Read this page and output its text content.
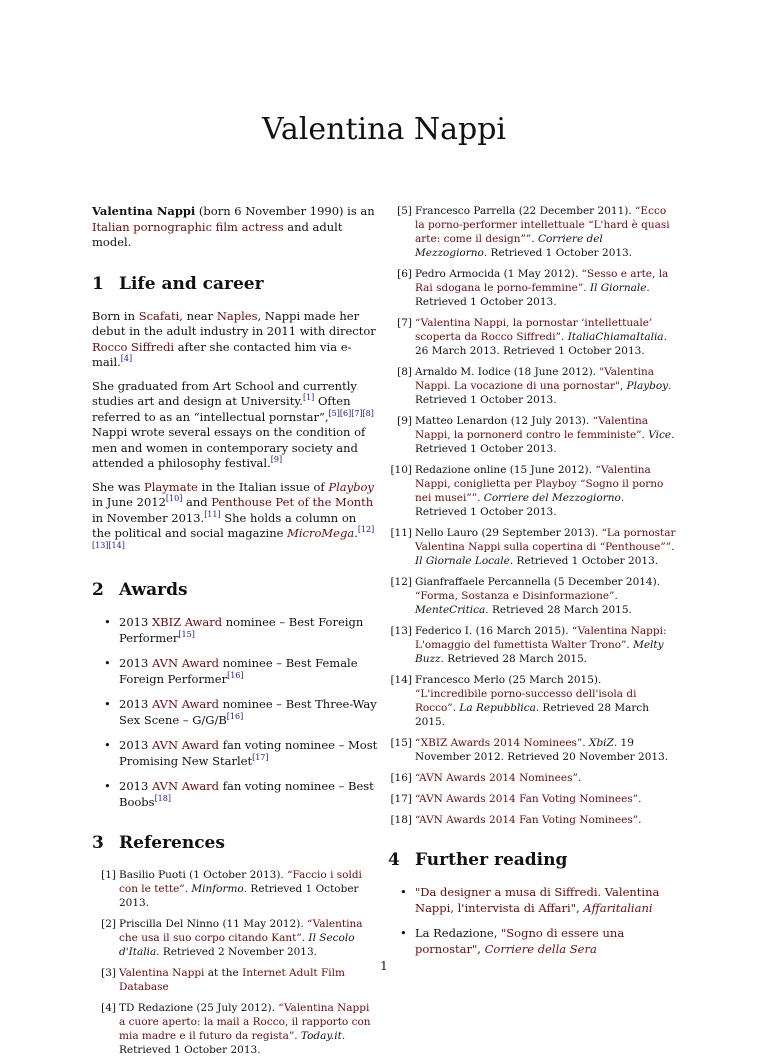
Valentina Nappi

Valentina Nappi (born 6 November 1990) is an Italian pornographic film actress and adult model.

1 Life and career

Born in Scafati, near Naples, Nappi made her debut in the adult industry in 2011 with director Rocco Siffredi after she contacted him via e-mail.[4]

She graduated from Art School and currently studies art and design at University.[1] Often referred to as an “intellectual pornstar”,[5][6][7][8] Nappi wrote several essays on the condition of men and women in contemporary society and attended a philosophy festival.[9]

She was Playmate in the Italian issue of Playboy in June 2012[10] and Penthouse Pet of the Month in November 2013.[11] She holds a column on the political and social magazine MicroMega.[12][13][14]

2 Awards
• 2013 XBIZ Award nominee – Best Foreign Performer[15]
• 2013 AVN Award nominee – Best Female Foreign Performer[16]
• 2013 AVN Award nominee – Best Three-Way Sex Scene – G/G/B[16]
• 2013 AVN Award fan voting nominee – Most Promising New Starlet[17]
• 2013 AVN Award fan voting nominee – Best Boobs[18]
3 References
[1] Basilio Puoti (1 October 2013). “Faccio i soldi con le tette”. Minformo. Retrieved 1 October 2013.
[2] Priscilla Del Ninno (11 May 2012). “Valentina che usa il suo corpo citando Kant”. Il Secolo d'Italia. Retrieved 2 November 2013.
[3] Valentina Nappi at the Internet Adult Film Database
[4] TD Redazione (25 July 2012). “Valentina Nappi a cuore aperto: la mail a Rocco, il rapporto con mia madre e il futuro da regista”. Today.it. Retrieved 1 October 2013.
[5] Francesco Parrella (22 December 2011). “Ecco la porno-performer intellettuale “L'hard è quasi arte: come il design””. Corriere del Mezzogiorno. Retrieved 1 October 2013.
[6] Pedro Armocida (1 May 2012). “Sesso e arte, la Rai sdogana le porno-femmine”. Il Giornale. Retrieved 1 October 2013.
[7] “Valentina Nappi, la pornostar ‘intellettuale’ scoperta da Rocco Siffredi”. ItaliaChiamaItalia. 26 March 2013. Retrieved 1 October 2013.
[8] Arnaldo M. Iodice (18 June 2012). "Valentina Nappi. La vocazione di una pornostar", Playboy. Retrieved 1 October 2013.
[9] Matteo Lenardon (12 July 2013). “Valentina Nappi, la pornonerd contro le femministe”. Vice. Retrieved 1 October 2013.
[10] Redazione online (15 June 2012). “Valentina Nappi, coniglietta per Playboy “Sogno il porno nei musei””. Corriere del Mezzogiorno. Retrieved 1 October 2013.
[11] Nello Lauro (29 September 2013). “La pornostar Valentina Nappi sulla copertina di “Penthouse””. Il Giornale Locale. Retrieved 1 October 2013.
[12] Gianfraffaele Percannella (5 December 2014). “Forma, Sostanza e Disinformazione”. MenteCritica. Retrieved 28 March 2015.
[13] Federico I. (16 March 2015). “Valentina Nappi: L'omaggio del fumettista Walter Trono”. Melty Buzz. Retrieved 28 March 2015.
[14] Francesco Merlo (25 March 2015). “L'incredibile porno-successo dell'isola di Rocco”. La Repubblica. Retrieved 28 March 2015.
[15] “XBIZ Awards 2014 Nominees”. XbiZ. 19 November 2012. Retrieved 20 November 2013.
[16] “AVN Awards 2014 Nominees”.
[17] “AVN Awards 2014 Fan Voting Nominees”.
[18] “AVN Awards 2014 Fan Voting Nominees”.
4 Further reading
• "Da designer a musa di Siffredi. Valentina Nappi, l'intervista di Affari", Affaritaliani
• La Redazione, "Sogno di essere una pornostar", Corriere della Sera
1
